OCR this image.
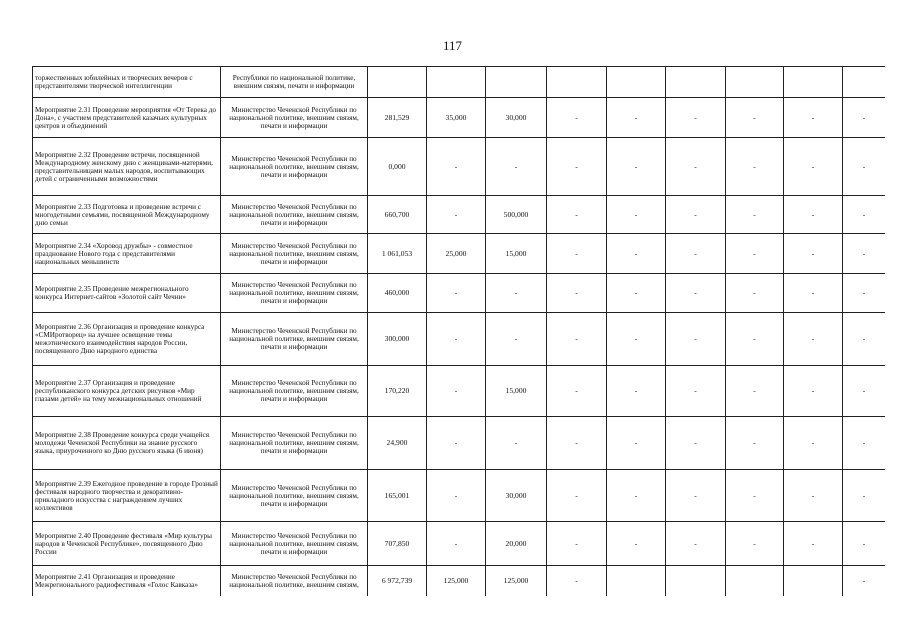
117
торжественных юбилейных и творческих вечеров с представителями творческой интеллигенции	Республики по национальной политике, внешним связям, печати и информации									
Мероприятие 2.31 Проведение мероприятия «От Терека до Дона», с участием представителей казачьих культурных центров и объединений	Министерство Чеченской Республики по национальной политике, внешним связям, печати и информации	281,529	35,000	30,000	-	-	-	-	-	-
Мероприятие 2.32 Проведение встречи, посвященной Международному женскому дню с женщинами-матерями, представительницами малых народов, воспитывающих детей с ограниченными возможностями	Министерство Чеченской Республики по национальной политике, внешним связям, печати и информации	0,000	-	-	-	-	-	-	-	-
Мероприятие 2.33 Подготовка и проведение встречи с многодетными семьями, посвященной Международному дню семьи	Министерство Чеченской Республики по национальной политике, внешним связям, печати и информации	660,700	-	500,000	-	-	-	-	-	-
Мероприятие 2.34 «Хоровод дружбы» - совместное празднование Нового года с представителями национальных меньшинств	Министерство Чеченской Республики по национальной политике, внешним связям, печати и информации	1 061,053	25,000	15,000	-	-	-	-	-	-
Мероприятие 2.35 Проведение межрегионального конкурса Интернет-сайтов «Золотой сайт Чечни»	Министерство Чеченской Республики по национальной политике, внешним связям, печати и информации	460,000	-	-	-	-	-	-	-	-
Мероприятие 2.36 Организация и проведение конкурса «СМИротворец» на лучшее освещение темы межэтнического взаимодействия народов России, посвященного Дню народного единства	Министерство Чеченской Республики по национальной политике, внешним связям, печати и информации	300,000	-	-	-	-	-	-	-	-
Мероприятие 2.37 Организация и проведение республиканского конкурса детских рисунков «Мир глазами детей» на тему межнациональных отношений	Министерство Чеченской Республики по национальной политике, внешним связям, печати и информации	170,220	-	15,000	-	-	-	-	-	-
Мероприятие 2.38 Проведение конкурса среди учащейся молодежи Чеченской Республики на знание русского языка, приуроченного ко Дню русского языка (6 июня)	Министерство Чеченской Республики по национальной политике, внешним связям, печати и информации	24,900	-	-	-	-	-	-	-	-
Мероприятие 2.39 Ежегодное проведение в городе Грозный фестиваля народного творчества и декоративно-прикладного искусства с награждением лучших коллективов	Министерство Чеченской Республики по национальной политике, внешним связям, печати и информации	165,001	-	30,000	-	-	-	-	-	-
Мероприятие 2.40 Проведение фестиваля «Мир культуры народов в Чеченской Республике», посвященного Дню России	Министерство Чеченской Республики по национальной политике, внешним связям, печати и информации	707,850	-	20,000	-	-	-	-	-	-
Мероприятие 2.41 Организация и проведение Межрегионального радиофестиваля «Голос Кавказа»	Министерство Чеченской Республики по национальной политике, внешним связям,	6 972,739	125,000	125,000	-					-
